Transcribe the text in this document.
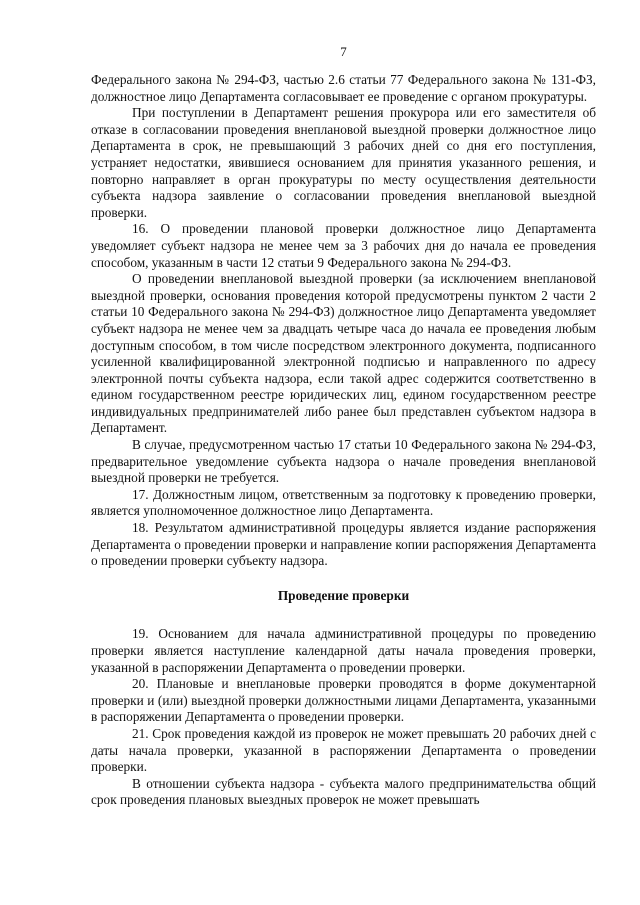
7

Федерального закона № 294-ФЗ, частью 2.6 статьи 77 Федерального закона № 131-ФЗ, должностное лицо Департамента согласовывает ее проведение с органом прокуратуры.

При поступлении в Департамент решения прокурора или его заместителя об отказе в согласовании проведения внеплановой выездной проверки должностное лицо Департамента в срок, не превышающий 3 рабочих дней со дня его поступления, устраняет недостатки, явившиеся основанием для принятия указанного решения, и повторно направляет в орган прокуратуры по месту осуществления деятельности субъекта надзора заявление о согласовании проведения внеплановой выездной проверки.

16. О проведении плановой проверки должностное лицо Департамента уведомляет субъект надзора не менее чем за 3 рабочих дня до начала ее проведения способом, указанным в части 12 статьи 9 Федерального закона № 294-ФЗ.

О проведении внеплановой выездной проверки (за исключением внеплановой выездной проверки, основания проведения которой предусмотрены пунктом 2 части 2 статьи 10 Федерального закона № 294-ФЗ) должностное лицо Департамента уведомляет субъект надзора не менее чем за двадцать четыре часа до начала ее проведения любым доступным способом, в том числе посредством электронного документа, подписанного усиленной квалифицированной электронной подписью и направленного по адресу электронной почты субъекта надзора, если такой адрес содержится соответственно в едином государственном реестре юридических лиц, едином государственном реестре индивидуальных предпринимателей либо ранее был представлен субъектом надзора в Департамент.

В случае, предусмотренном частью 17 статьи 10 Федерального закона № 294-ФЗ, предварительное уведомление субъекта надзора о начале проведения внеплановой выездной проверки не требуется.

17. Должностным лицом, ответственным за подготовку к проведению проверки, является уполномоченное должностное лицо Департамента.

18. Результатом административной процедуры является издание распоряжения Департамента о проведении проверки и направление копии распоряжения Департамента о проведении проверки субъекту надзора.

Проведение проверки

19. Основанием для начала административной процедуры по проведению проверки является наступление календарной даты начала проведения проверки, указанной в распоряжении Департамента о проведении проверки.

20. Плановые и внеплановые проверки проводятся в форме документарной проверки и (или) выездной проверки должностными лицами Департамента, указанными в распоряжении Департамента о проведении проверки.

21. Срок проведения каждой из проверок не может превышать 20 рабочих дней с даты начала проверки, указанной в распоряжении Департамента о проведении проверки.

В отношении субъекта надзора - субъекта малого предпринимательства общий срок проведения плановых выездных проверок не может превышать
